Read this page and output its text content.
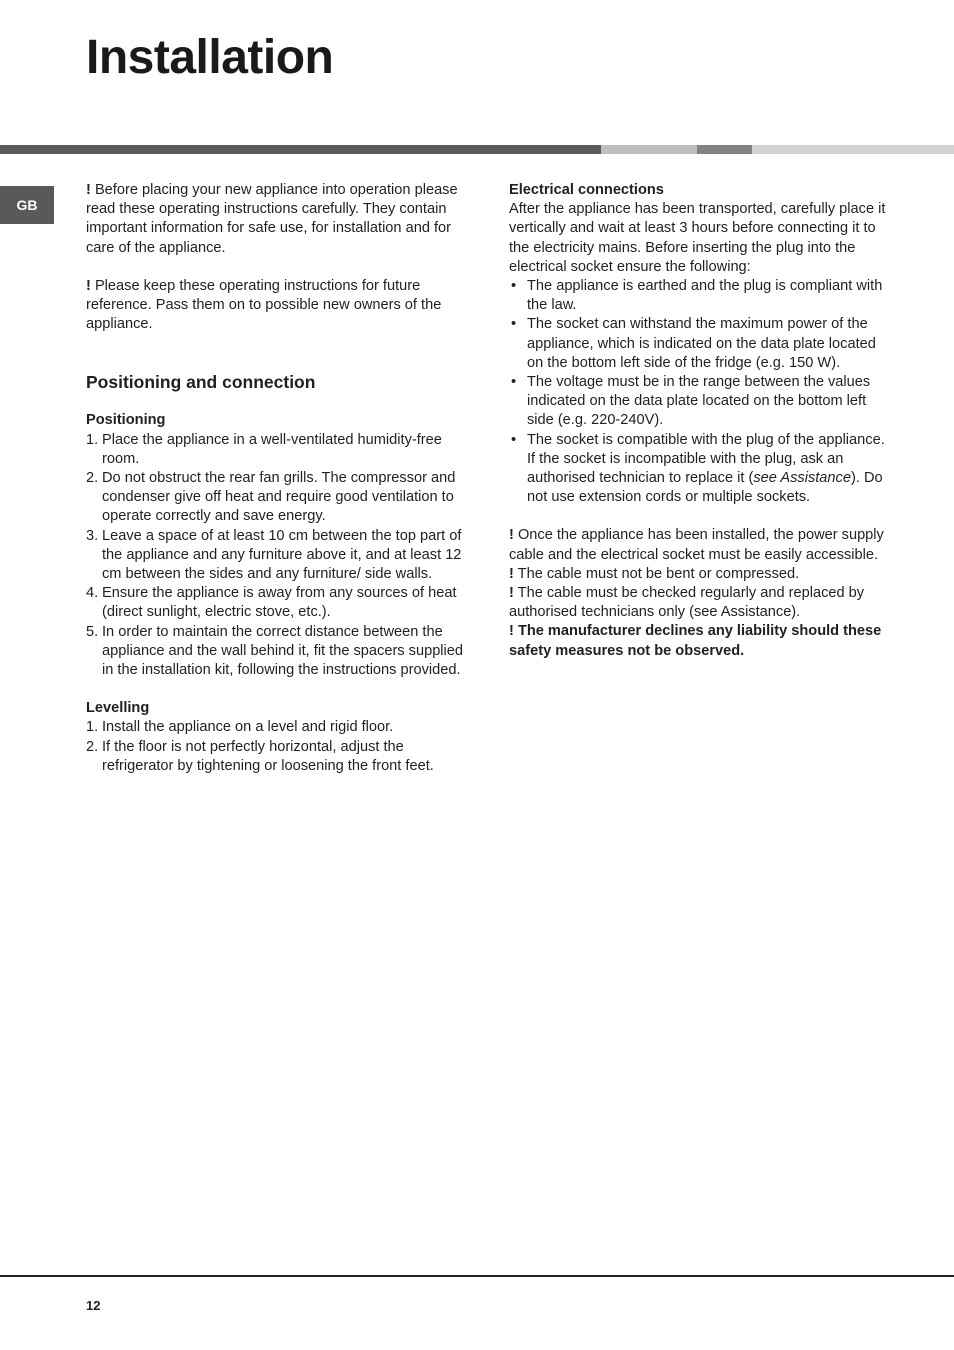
Installation
GB

! Before placing your new appliance into operation please read these operating instructions carefully. They contain important information for safe use, for installation and for care of the appliance.

! Please keep these operating instructions for future reference. Pass them on to possible new owners of the appliance.

Positioning and connection

Positioning

1. Place the appliance in a well-ventilated humidity-free room.
2. Do not obstruct the rear fan grills. The compressor and condenser give off heat and require good ventilation to operate correctly and save energy.
3. Leave a space of at least 10 cm between the top part of the appliance and any furniture above it, and at least 12 cm between the sides and any furniture/ side walls.
4. Ensure the appliance is away from any sources of heat (direct sunlight, electric stove, etc.).
5. In order to maintain the correct distance between the appliance and the wall behind it, fit the spacers supplied in the installation kit, following the instructions provided.

Levelling

1. Install the appliance on a level and rigid floor.
2. If the floor is not perfectly horizontal, adjust the refrigerator by tightening or loosening the front feet.

Electrical connections

After the appliance has been transported, carefully place it vertically and wait at least 3 hours before connecting it to the electricity mains. Before inserting the plug into the electrical socket ensure the following:

• The appliance is earthed and the plug is compliant with the law.
• The socket can withstand the maximum power of the appliance, which is indicated on the data plate located on the bottom left side of the fridge (e.g. 150 W).
• The voltage must be in the range between the values indicated on the data plate located on the bottom left side (e.g. 220-240V).
• The socket is compatible with the plug of the appliance.
If the socket is incompatible with the plug, ask an authorised technician to replace it (see Assistance). Do not use extension cords or multiple sockets.

! Once the appliance has been installed, the power supply cable and the electrical socket must be easily accessible.

! The cable must not be bent or compressed.

! The cable must be checked regularly and replaced by authorised technicians only (see Assistance).

! The manufacturer declines any liability should these safety measures not be observed.

12
